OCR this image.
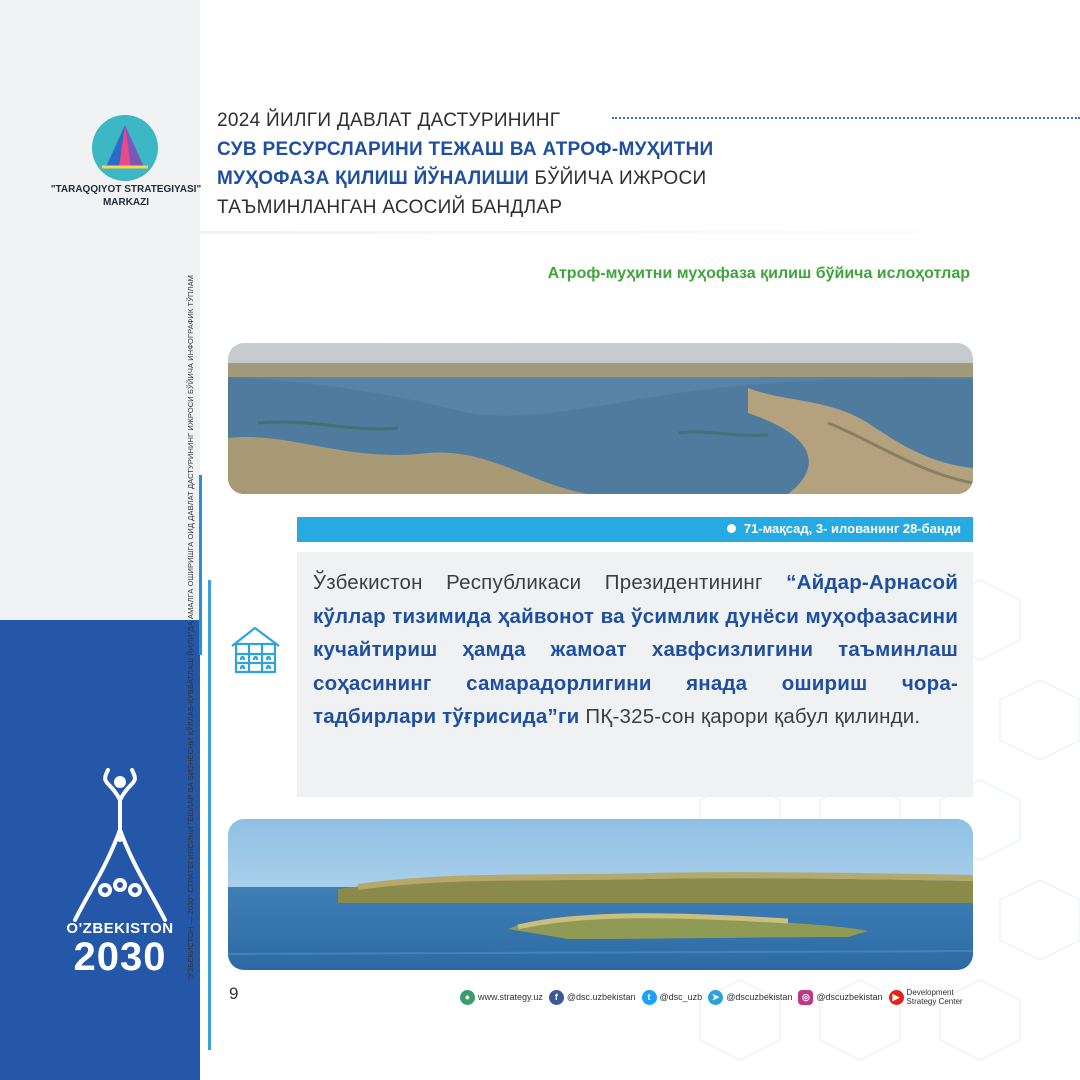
"TARAQQIYOT STRATEGIYASI"
MARKAZI
"ЎЗБЕКИСТОН — 2030" СТРАТЕГИЯСИНИ "ЁШЛАР ВА БИЗНЕСНИ ҚЎЛЛАБ-ҚУВВАТЛАШ ЙИЛИ"ДА АМАЛГА ОШИРИШГА ОИД ДАВЛАТ ДАСТУРИНИНГ ИЖРОСИ БЎЙИЧА ИНФОГРАФИК ТЎПЛАМ
O'ZBEKISTON
2030
2024 ЙИЛГИ ДАВЛАТ ДАСТУРИНИНГ
СУВ РЕСУРСЛАРИНИ ТЕЖАШ ВА АТРОФ-МУҲИТНИ
МУҲОФАЗА ҚИЛИШ ЙЎНАЛИШИ БЎЙИЧА ИЖРОСИ
ТАЪМИНЛАНГАН АСОСИЙ БАНДЛАР
Атроф-муҳитни муҳофаза қилиш бўйича ислоҳотлар
71-мақсад, 3- илованинг 28-банди
Ўзбекистон Республикаси Президентининг “Айдар-Арнасой кўллар тизимида ҳайвонот ва ўсимлик дунёси муҳофазасини кучайтириш ҳамда жамоат хавфсизлигини таъминлаш соҳасининг самарадорлигини янада ошириш чора-тадбирлари тўғрисида”ги ПҚ-325-сон қарори қабул қилинди.
9	● www.strategy.uz	f	@dsc.uzbekistan	t	@dsc_uzb	➤ @dscuzbekistan	◎ @dscuzbekistan	▶ Development
Strategy Center
